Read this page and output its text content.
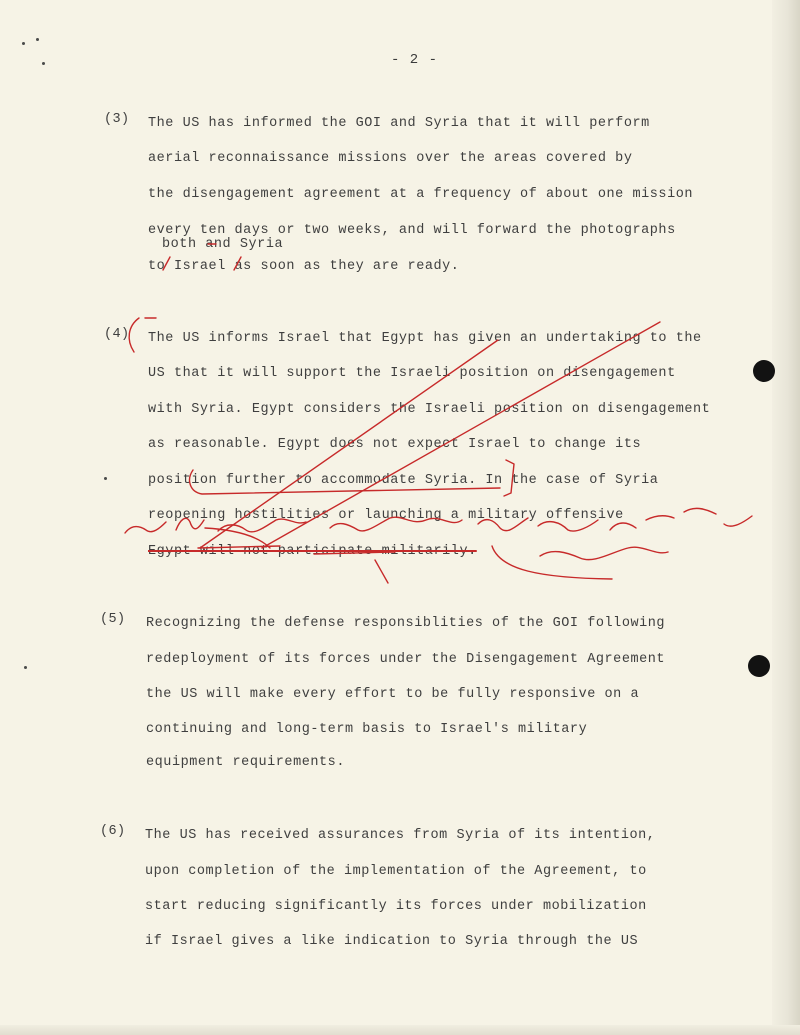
- 2 -
(3) The US has informed the GOI and Syria that it will perform
aerial reconnaissance missions over the areas covered by
the disengagement agreement at a frequency of about one mission
every ten days or two weeks, and will forward the photographs
both and Syria
to Israel as soon as they are ready.
(4) The US informs Israel that Egypt has given an undertaking to the
US that it will support the Israeli position on disengagement
with Syria. Egypt considers the Israeli position on disengagement
as reasonable. Egypt does not expect Israel to change its
position further to accommodate Syria. In the case of Syria
reopening hostilities or launching a military offensive
Egypt will not participate militarily.
(5) Recognizing the defense responsiblities of the GOI following
redeployment of its forces under the Disengagement Agreement
the US will make every effort to be fully responsive on a
continuing and long-term basis to Israel's military
equipment requirements.
(6) The US has received assurances from Syria of its intention,
upon completion of the implementation of the Agreement, to
start reducing significantly its forces under mobilization
if Israel gives a like indication to Syria through the US
